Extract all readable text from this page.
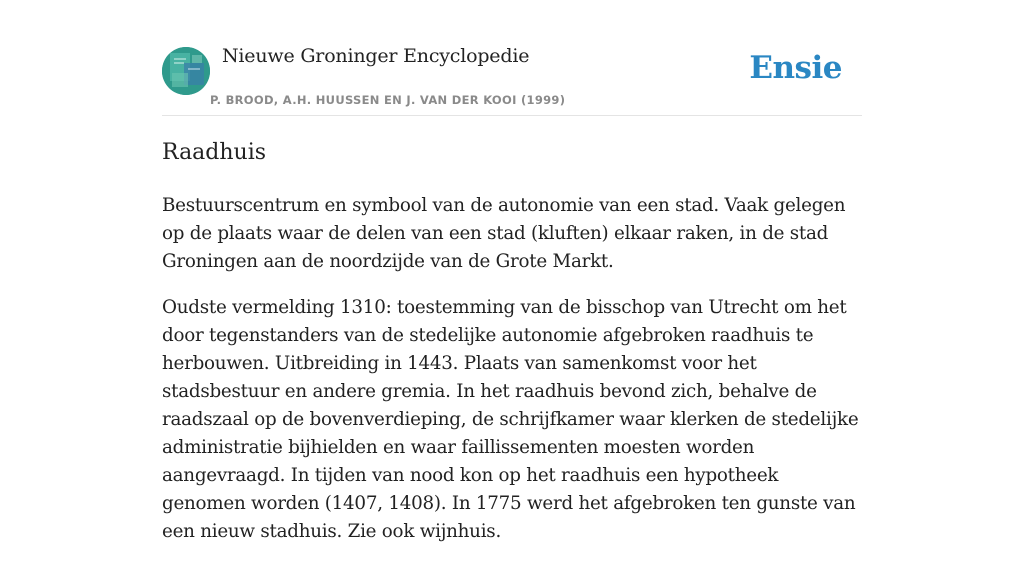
Nieuwe Groninger Encyclopedie
P. BROOD, A.H. HUUSSEN EN J. VAN DER KOOI (1999)
Ensie
Raadhuis

Bestuurscentrum en symbool van de autonomie van een stad. Vaak gelegen op de plaats waar de delen van een stad (kluften) elkaar raken, in de stad Groningen aan de noordzijde van de Grote Markt.

Oudste vermelding 1310: toestemming van de bisschop van Utrecht om het door tegenstanders van de stedelijke autonomie afgebroken raadhuis te herbouwen. Uitbreiding in 1443. Plaats van samenkomst voor het stadsbestuur en andere gremia. In het raadhuis bevond zich, behalve de raadszaal op de bovenverdieping, de schrijfkamer waar klerken de stedelijke administratie bijhielden en waar faillissementen moesten worden aangevraagd. In tijden van nood kon op het raadhuis een hypotheek genomen worden (1407, 1408). In 1775 werd het afgebroken ten gunste van een nieuw stadhuis. Zie ook wijnhuis.
